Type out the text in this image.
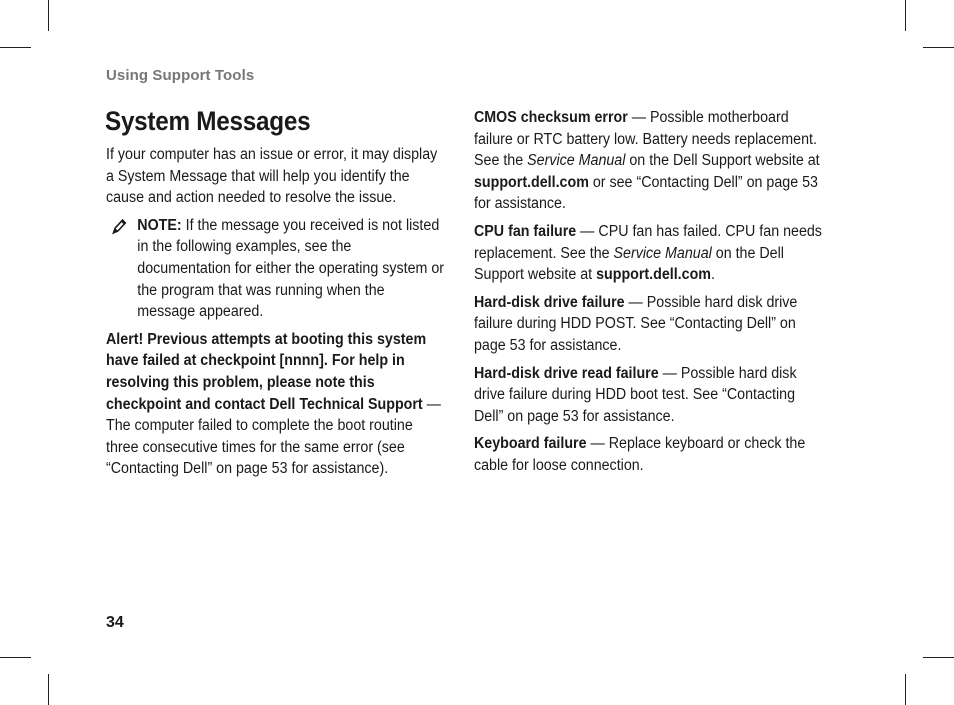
Using Support Tools
System Messages

If your computer has an issue or error, it may display a System Message that will help you identify the cause and action needed to resolve the issue.

NOTE: If the message you received is not listed in the following examples, see the documentation for either the operating system or the program that was running when the message appeared.

Alert! Previous attempts at booting this system have failed at checkpoint [nnnn]. For help in resolving this problem, please note this checkpoint and contact Dell Technical Support — The computer failed to complete the boot routine three consecutive times for the same error (see “Contacting Dell” on page 53 for assistance).

CMOS checksum error — Possible motherboard failure or RTC battery low. Battery needs replacement. See the Service Manual on the Dell Support website at support.dell.com or see “Contacting Dell” on page 53 for assistance.

CPU fan failure — CPU fan has failed. CPU fan needs replacement. See the Service Manual on the Dell Support website at support.dell.com.

Hard-disk drive failure — Possible hard disk drive failure during HDD POST. See “Contacting Dell” on page 53 for assistance.

Hard-disk drive read failure — Possible hard disk drive failure during HDD boot test. See “Contacting Dell” on page 53 for assistance.

Keyboard failure — Replace keyboard or check the cable for loose connection.

34
